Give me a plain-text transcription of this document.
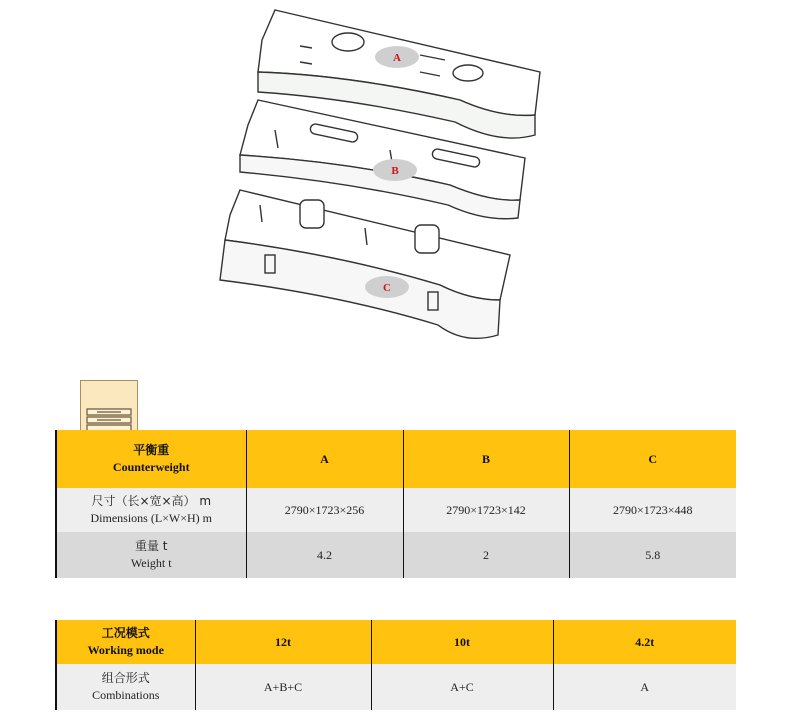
A
B
C
平衡重
Counterweight	A	B	C

尺寸（长×宽×高） m
Dimensions (L×W×H) m	2790×1723×256	2790×1723×142	2790×1723×448

重量 t
Weight t	4.2	2	5.8
工况模式
Working mode	12t	10t	4.2t

组合形式
Combinations	A+B+C	A+C	A
